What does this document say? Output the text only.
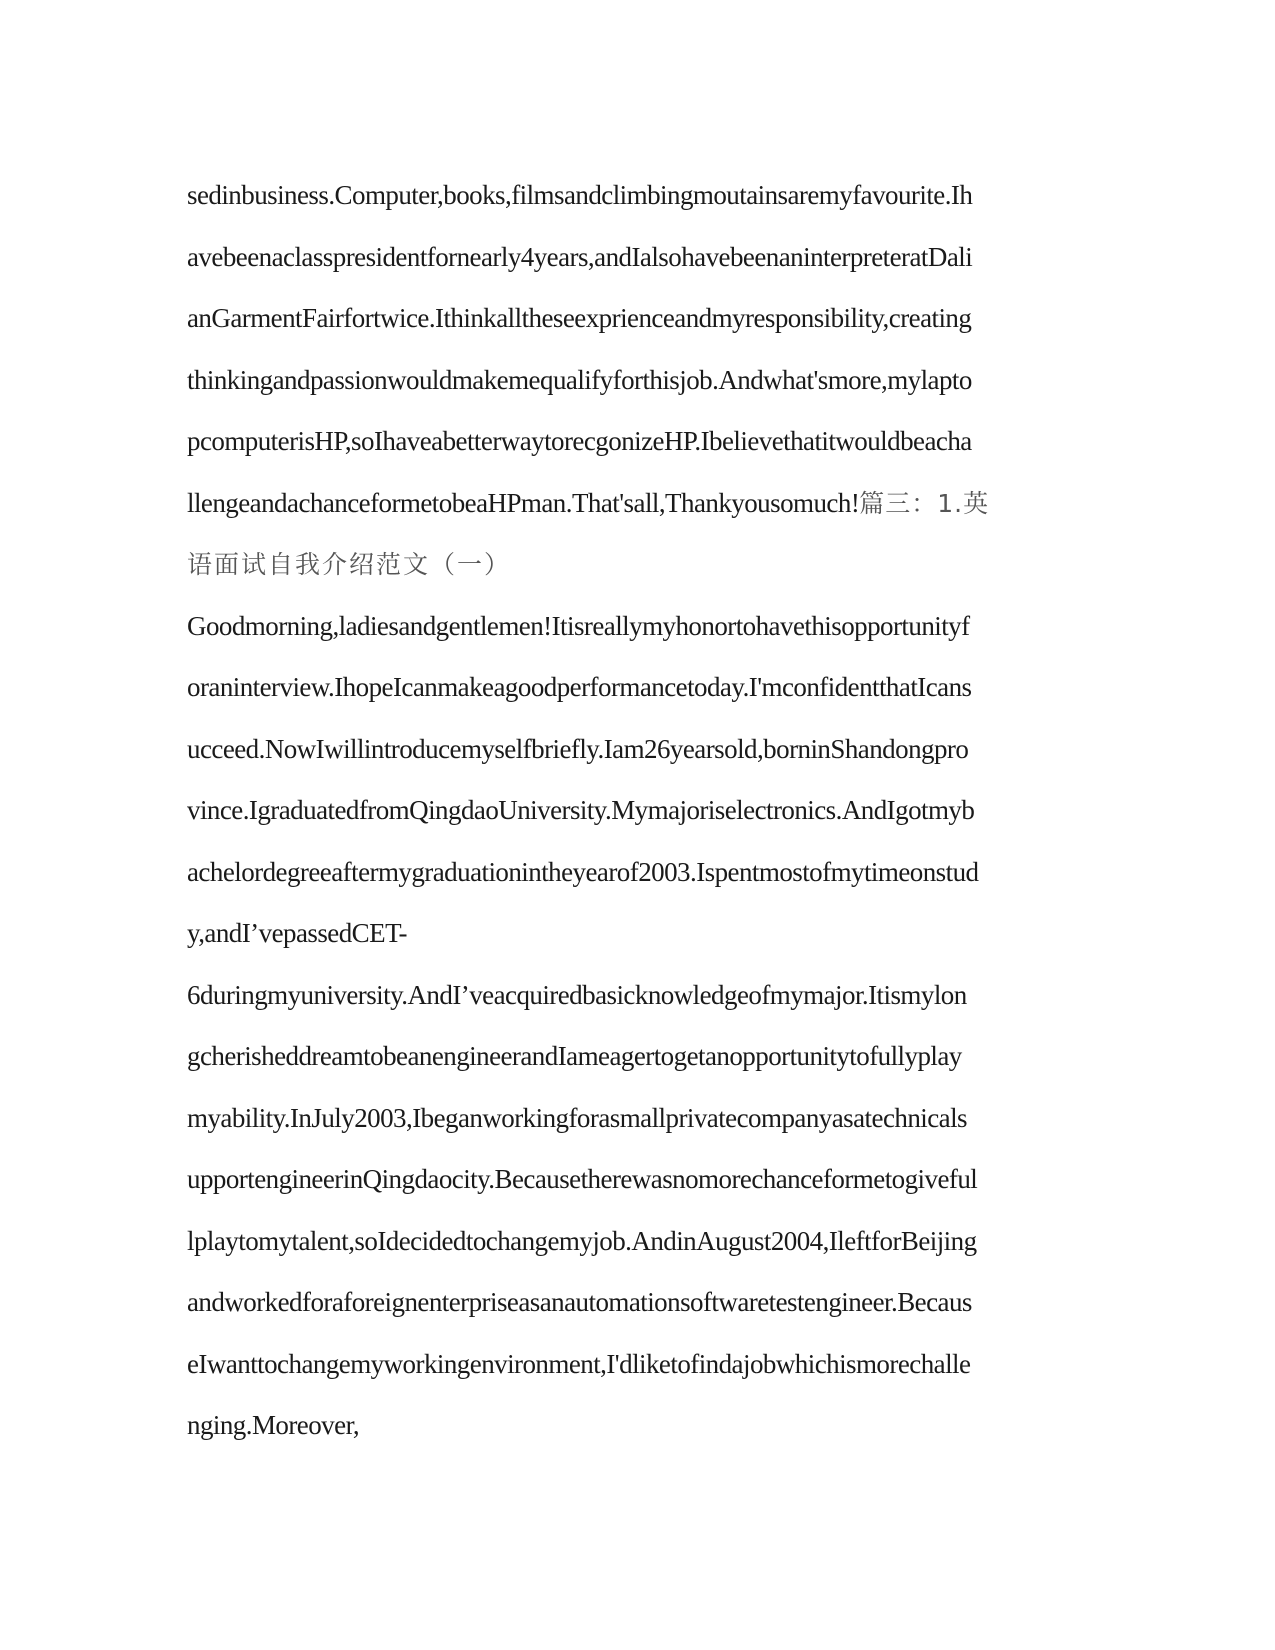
sedinbusiness.Computer,books,filmsandclimbingmoutainsaremyfavourite.Ih
avebeenaclasspresidentfornearly4years,andIalsohavebeenaninterpreteratDali
anGarmentFairfortwice.Ithinkalltheseexprienceandmyresponsibility,creating
thinkingandpassionwouldmakemequalifyforthisjob.Andwhat'smore,mylapto
pcomputerisHP,soIhaveabetterwaytorecgonizeHP.Ibelievethatitwouldbeacha
llengeandachanceformetobeaHPman.That'sall,Thankyousomuch!篇三：1.英
语面试自我介绍范文（一）
Goodmorning,ladiesandgentlemen!Itisreallymyhonortohavethisopportunityf
oraninterview.IhopeIcanmakeagoodperformancetoday.I'mconfidentthatIcans
ucceed.NowIwillintroducemyselfbriefly.Iam26yearsold,borninShandongpro
vince.IgraduatedfromQingdaoUniversity.Mymajoriselectronics.AndIgotmyb
achelordegreeaftermygraduationintheyearof2003.Ispentmostofmytimeonstud
y,andI’vepassedCET-
6duringmyuniversity.AndI’veacquiredbasicknowledgeofmymajor.Itismylon
gcherisheddreamtobeanengineerandIameagertogetanopportunitytofullyplay
myability.InJuly2003,Ibeganworkingforasmallprivatecompanyasatechnicals
upportengineerinQingdaocity.Becausetherewasnomorechanceformetogiveful
lplaytomytalent,soIdecidedtochangemyjob.AndinAugust2004,IleftforBeijing
andworkedforaforeignenterpriseasanautomationsoftwaretestengineer.Becaus
eIwanttochangemyworkingenvironment,I'dliketofindajobwhichismorechalle
nging.Moreover,
